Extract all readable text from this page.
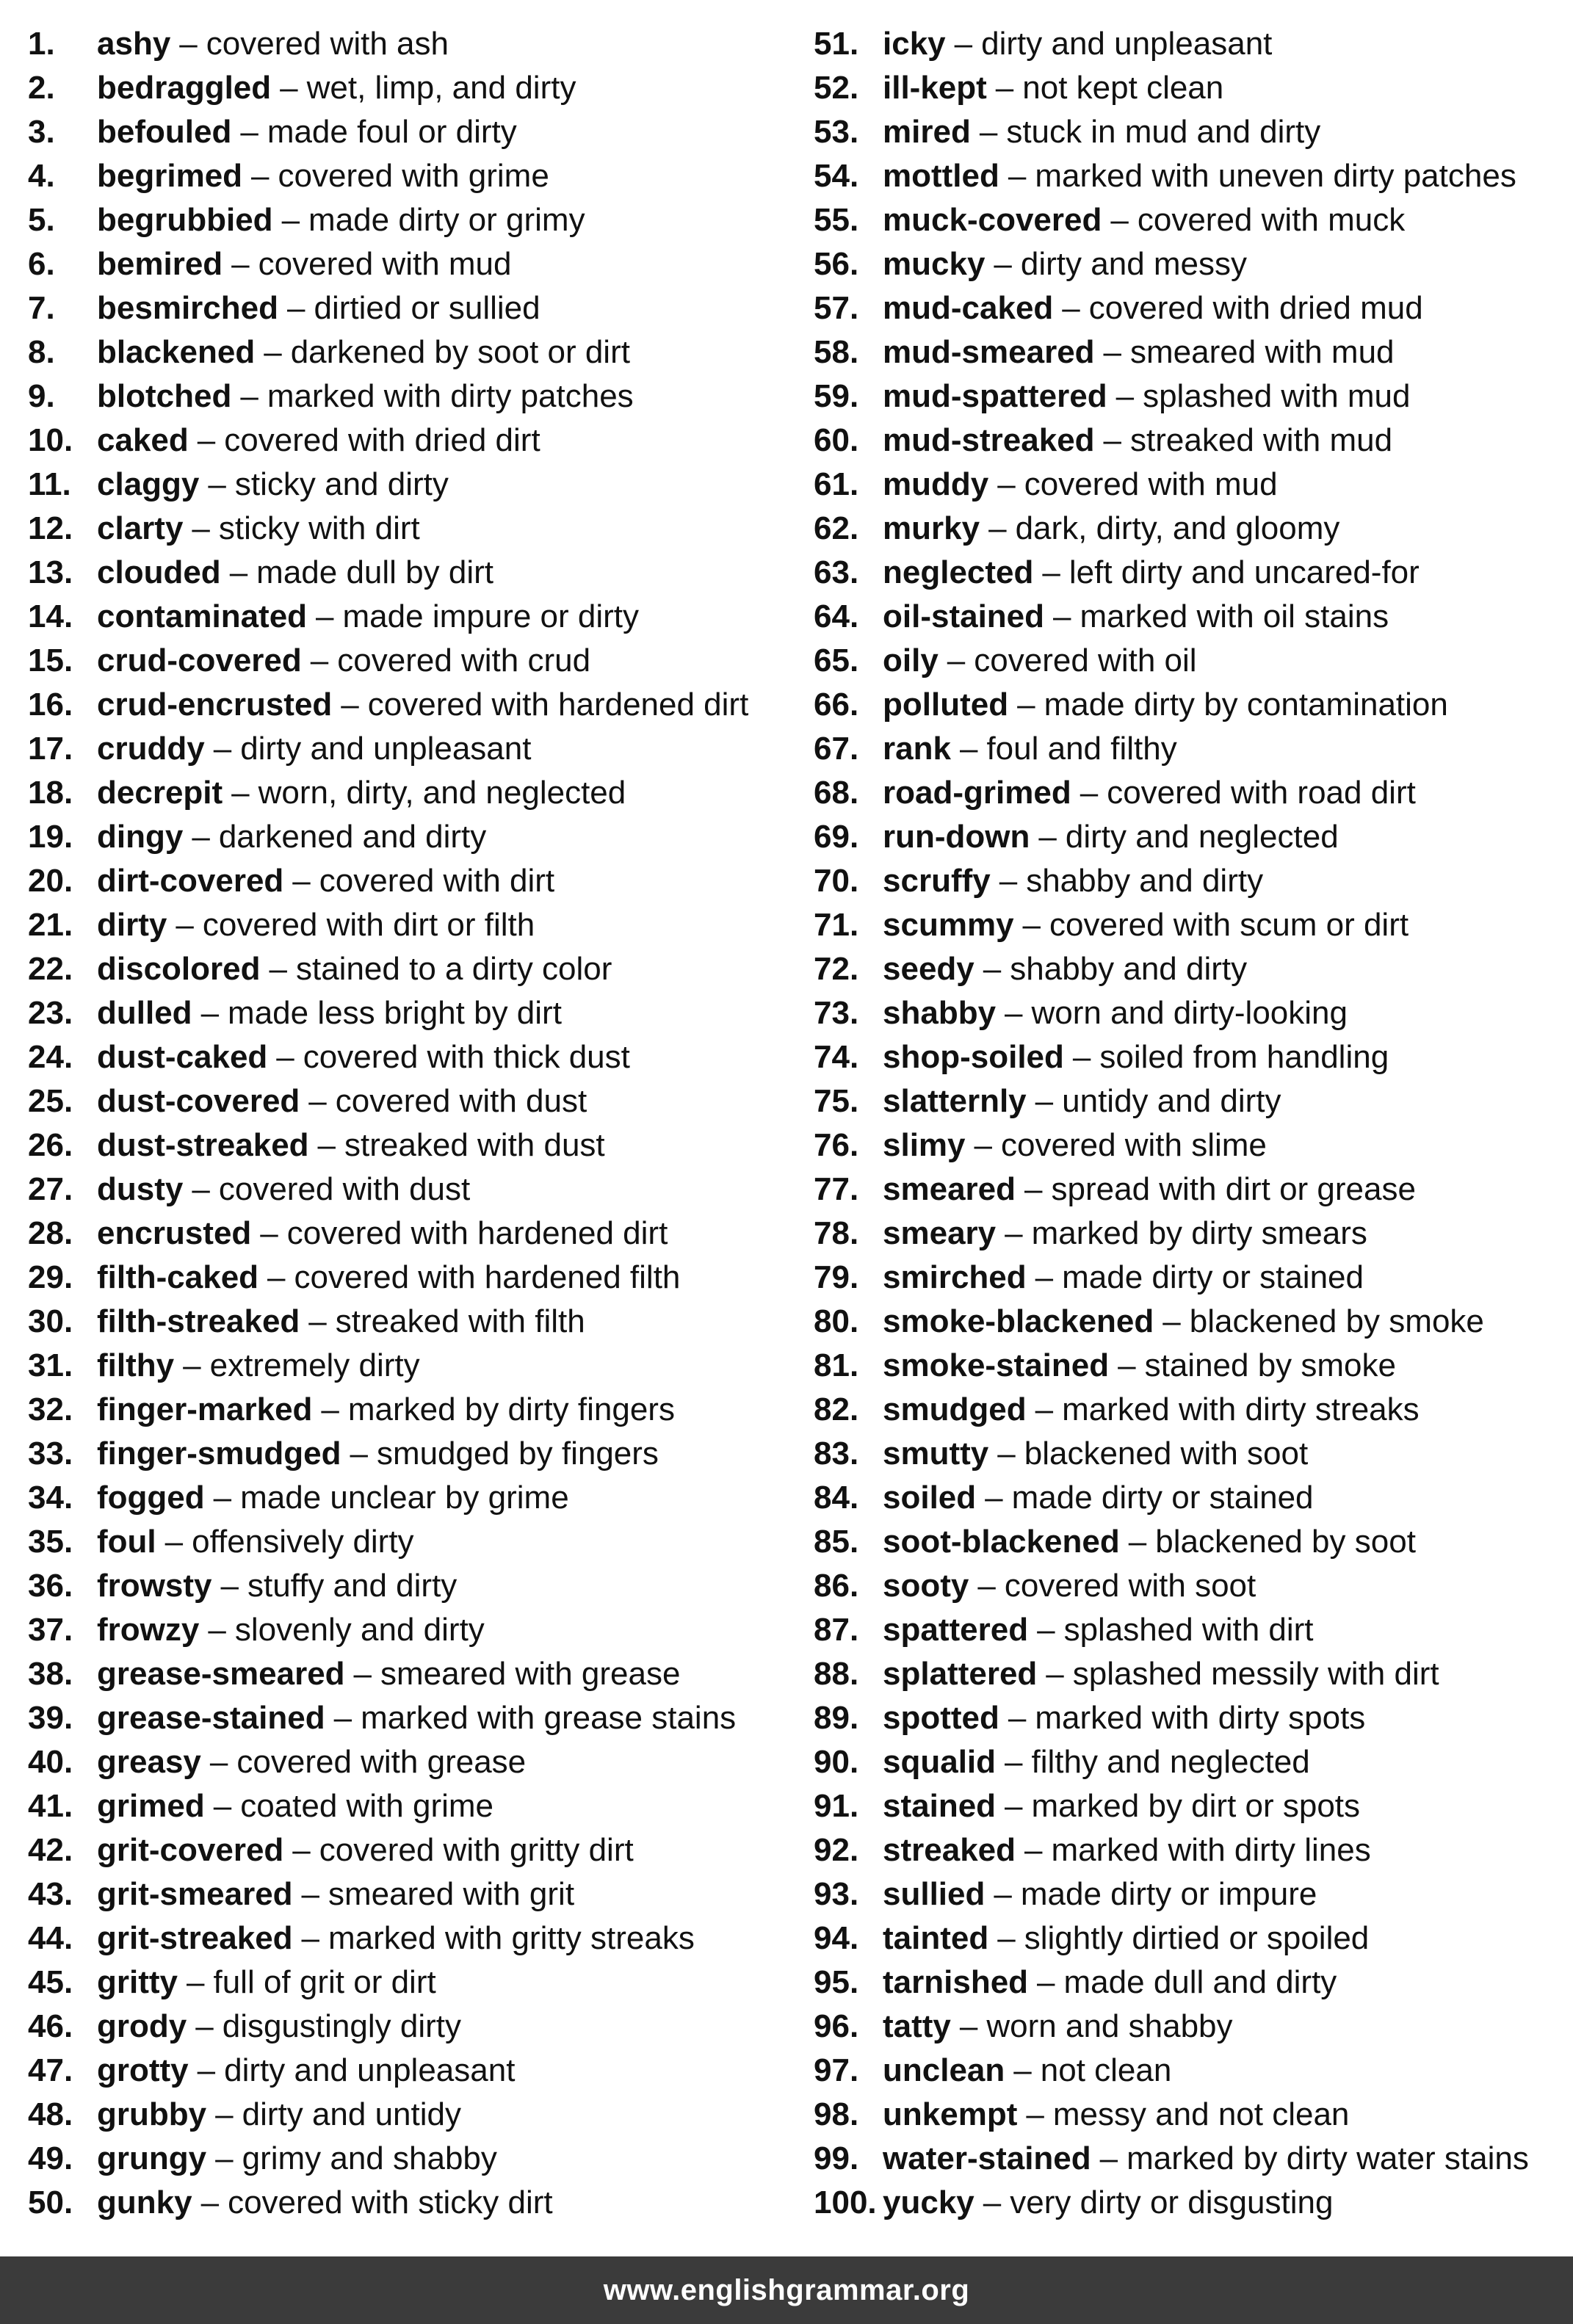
1.	ashy – covered with ash
2.	bedraggled – wet, limp, and dirty
3.	befouled – made foul or dirty
4.	begrimed – covered with grime
5.	begrubbied – made dirty or grimy
6.	bemired – covered with mud
7.	besmirched – dirtied or sullied
8.	blackened – darkened by soot or dirt
9.	blotched – marked with dirty patches
10. caked – covered with dried dirt
11. claggy – sticky and dirty
12. clarty – sticky with dirt
13. clouded – made dull by dirt
14. contaminated – made impure or dirty
15. crud-covered – covered with crud
16. crud-encrusted – covered with hardened dirt
17. cruddy – dirty and unpleasant
18. decrepit – worn, dirty, and neglected
19. dingy – darkened and dirty
20. dirt-covered – covered with dirt
21. dirty – covered with dirt or filth
22. discolored – stained to a dirty color
23. dulled – made less bright by dirt
24. dust-caked – covered with thick dust
25. dust-covered – covered with dust
26. dust-streaked – streaked with dust
27. dusty – covered with dust
28. encrusted – covered with hardened dirt
29. filth-caked – covered with hardened filth
30. filth-streaked – streaked with filth
31. filthy – extremely dirty
32. finger-marked – marked by dirty fingers
33. finger-smudged – smudged by fingers
34. fogged – made unclear by grime
35. foul – offensively dirty
36. frowsty – stuffy and dirty
37. frowzy – slovenly and dirty
38. grease-smeared – smeared with grease
39. grease-stained – marked with grease stains
40. greasy – covered with grease
41. grimed – coated with grime
42. grit-covered – covered with gritty dirt
43. grit-smeared – smeared with grit
44. grit-streaked – marked with gritty streaks
45. gritty – full of grit or dirt
46. grody – disgustingly dirty
47. grotty – dirty and unpleasant
48. grubby – dirty and untidy
49. grungy – grimy and shabby
50. gunky – covered with sticky dirt
51. icky – dirty and unpleasant
52. ill-kept – not kept clean
53. mired – stuck in mud and dirty
54. mottled – marked with uneven dirty patches
55. muck-covered – covered with muck
56. mucky – dirty and messy
57. mud-caked – covered with dried mud
58. mud-smeared – smeared with mud
59. mud-spattered – splashed with mud
60. mud-streaked – streaked with mud
61. muddy – covered with mud
62. murky – dark, dirty, and gloomy
63. neglected – left dirty and uncared-for
64. oil-stained – marked with oil stains
65. oily – covered with oil
66. polluted – made dirty by contamination
67. rank – foul and filthy
68. road-grimed – covered with road dirt
69. run-down – dirty and neglected
70. scruffy – shabby and dirty
71. scummy – covered with scum or dirt
72. seedy – shabby and dirty
73. shabby – worn and dirty-looking
74. shop-soiled – soiled from handling
75. slatternly – untidy and dirty
76. slimy – covered with slime
77. smeared – spread with dirt or grease
78. smeary – marked by dirty smears
79. smirched – made dirty or stained
80. smoke-blackened – blackened by smoke
81. smoke-stained – stained by smoke
82. smudged – marked with dirty streaks
83. smutty – blackened with soot
84. soiled – made dirty or stained
85. soot-blackened – blackened by soot
86. sooty – covered with soot
87. spattered – splashed with dirt
88. splattered – splashed messily with dirt
89. spotted – marked with dirty spots
90. squalid – filthy and neglected
91. stained – marked by dirt or spots
92. streaked – marked with dirty lines
93. sullied – made dirty or impure
94. tainted – slightly dirtied or spoiled
95. tarnished – made dull and dirty
96. tatty – worn and shabby
97. unclean – not clean
98. unkempt – messy and not clean
99. water-stained – marked by dirty water stains
100. yucky – very dirty or disgusting
www.englishgrammar.org
